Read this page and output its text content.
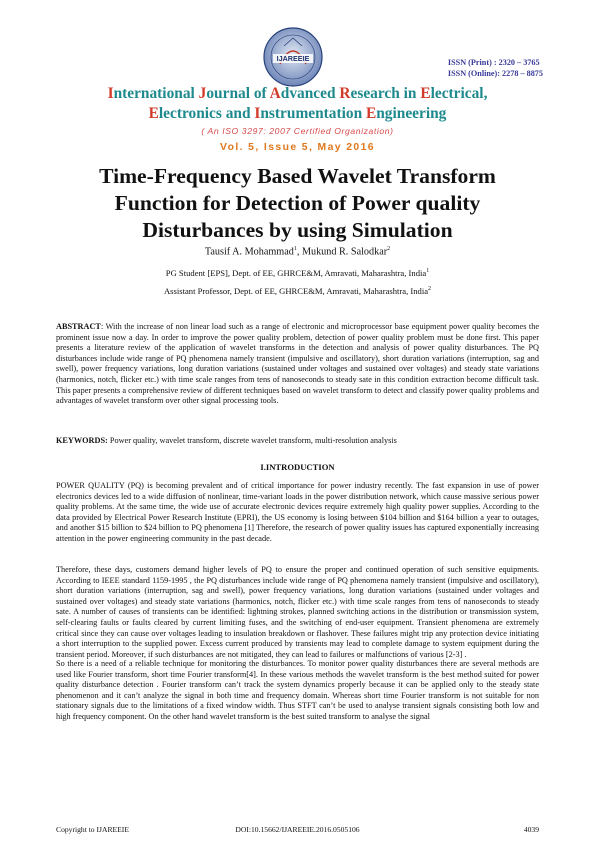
IJAREEIE	ISSN (Print) : 2320 – 3765
ISSN (Online): 2278 – 8875
International Journal of Advanced Research in Electrical,
Electronics and Instrumentation Engineering
( An ISO 3297: 2007 Certified Organization)
Vol. 5, Issue 5, May 2016
Time-Frequency Based Wavelet Transform
Function for Detection of Power quality
Disturbances by using Simulation
Tausif A. Mohammad$^1$, Mukund R. Salodkar$^2$
PG Student [EPS], Dept. of EE, GHRCE&M, Amravati, Maharashtra, India$^1$
Assistant Professor, Dept. of EE, GHRCE&M, Amravati, Maharashtra, India$^2$
ABSTRACT: With the increase of non linear load such as a range of electronic and microprocessor base equipment power quality becomes the prominent issue now a day. In order to improve the power quality problem, detection of power quality problem must be done first. This paper presents a literature review of the application of wavelet transforms in the detection and analysis of power quality disturbances. The PQ disturbances include wide range of PQ phenomena namely transient (impulsive and oscillatory), short duration variations (interruption, sag and swell), power frequency variations, long duration variations (sustained under voltages and sustained over voltages) and steady state variations (harmonics, notch, flicker etc.) with time scale ranges from tens of nanoseconds to steady sate in this condition extraction become difficult task. This paper presents a comprehensive review of different techniques based on wavelet transform to detect and classify power quality problems and advantages of wavelet transform over other signal processing tools.
KEYWORDS: Power quality, wavelet transform, discrete wavelet transform, multi-resolution analysis
I.INTRODUCTION
POWER QUALITY (PQ) is becoming prevalent and of critical importance for power industry recently. The fast expansion in use of power electronics devices led to a wide diffusion of nonlinear, time-variant loads in the power distribution network, which cause massive serious power quality problems. At the same time, the wide use of accurate electronic devices require extremely high quality power supplies. According to the data provided by Electrical Power Research Institute (EPRI), the US economy is losing between $104 billion and $164 billion a year to outages, and another $15 billion to $24 billion to PQ phenomena [1] Therefore, the research of power quality issues has captured exponentially increasing attention in the power engineering community in the past decade.
Therefore, these days, customers demand higher levels of PQ to ensure the proper and continued operation of such sensitive equipments. According to IEEE standard 1159-1995 , the PQ disturbances include wide range of PQ phenomena namely transient (impulsive and oscillatory), short duration variations (interruption, sag and swell), power frequency variations, long duration variations (sustained under voltages and sustained over voltages) and steady state variations (harmonics, notch, flicker etc.) with time scale ranges from tens of nanoseconds to steady sate. A number of causes of transients can be identified: lightning strokes, planned switching actions in the distribution or transmission system, self-clearing faults or faults cleared by current limiting fuses, and the switching of end-user equipment. Transient phenomena are extremely critical since they can cause over voltages leading to insulation breakdown or flashover. These failures might trip any protection device initiating a short interruption to the supplied power. Excess current produced by transients may lead to complete damage to system equipment during the transient period. Moreover, if such disturbances are not mitigated, they can lead to failures or malfunctions of various [2-3] .
So there is a need of a reliable technique for monitoring the disturbances. To monitor power quality disturbances there are several methods are used like Fourier transform, short time Fourier transform[4]. In these various methods the wavelet transform is the best method suited for power quality disturbance detection . Fourier transform can’t track the system dynamics properly because it can be applied only to the steady state phenomenon and it can’t analyze the signal in both time and frequency domain. Whereas short time Fourier transform is not suitable for non stationary signals due to the limitations of a fixed window width. Thus STFT can’t be used to analyse transient signals consisting both low and high frequency component. On the other hand wavelet transform is the best suited transform to analyse the signal
Copyright to IJAREEIE	DOI:10.15662/IJAREEIE.2016.0505106	4039
